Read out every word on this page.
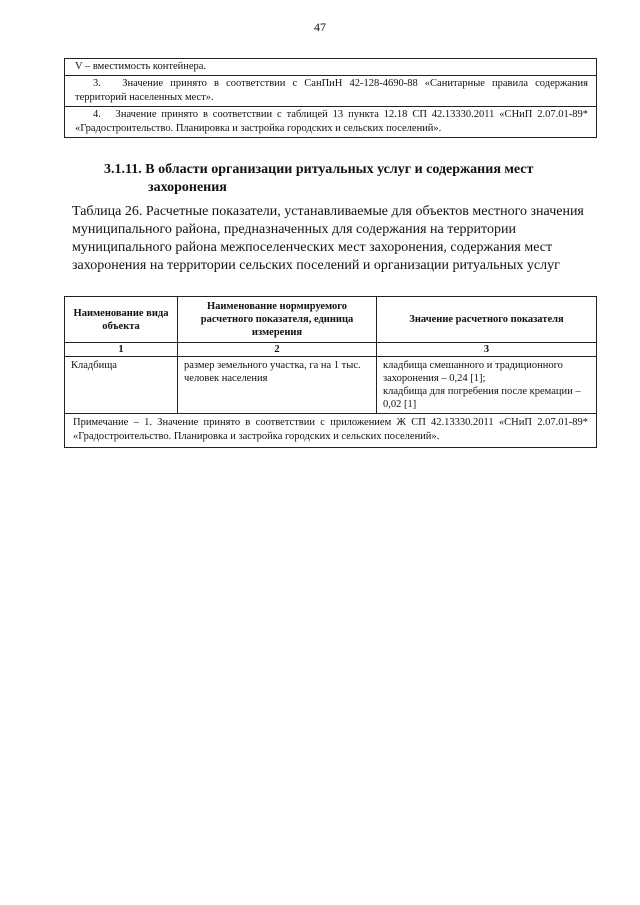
47
V – вместимость контейнера.
3.   Значение принято в соответствии с СанПиН 42-128-4690-88 «Санитарные правила содержания территорий населенных мест».
4.   Значение принято в соответствии с таблицей 13 пункта 12.18 СП 42.13330.2011 «СНиП 2.07.01-89* «Градостроительство. Планировка и застройка городских и сельских поселений».
3.1.11. В области организации ритуальных услуг и содержания мест
захоронения
Таблица 26. Расчетные показатели, устанавливаемые для объектов местного значения муниципального района, предназначенных для содержания на территории муниципального района межпоселенческих мест захоронения, содержания мест захоронения на территории сельских поселений и организации ритуальных услуг
Наименование вида объекта	Наименование нормируемого расчетного показателя, единица измерения	Значение расчетного показателя
1	2	3
Кладбища	размер земельного участка, га на 1 тыс. человек населения	кладбища смешанного и традиционного захоронения – 0,24 [1];
кладбища для погребения после кремации – 0,02 [1]

Примечание – 1. Значение принято в соответствии с приложением Ж СП 42.13330.2011 «СНиП 2.07.01-89* «Градостроительство. Планировка и застройка городских и сельских поселений».		
